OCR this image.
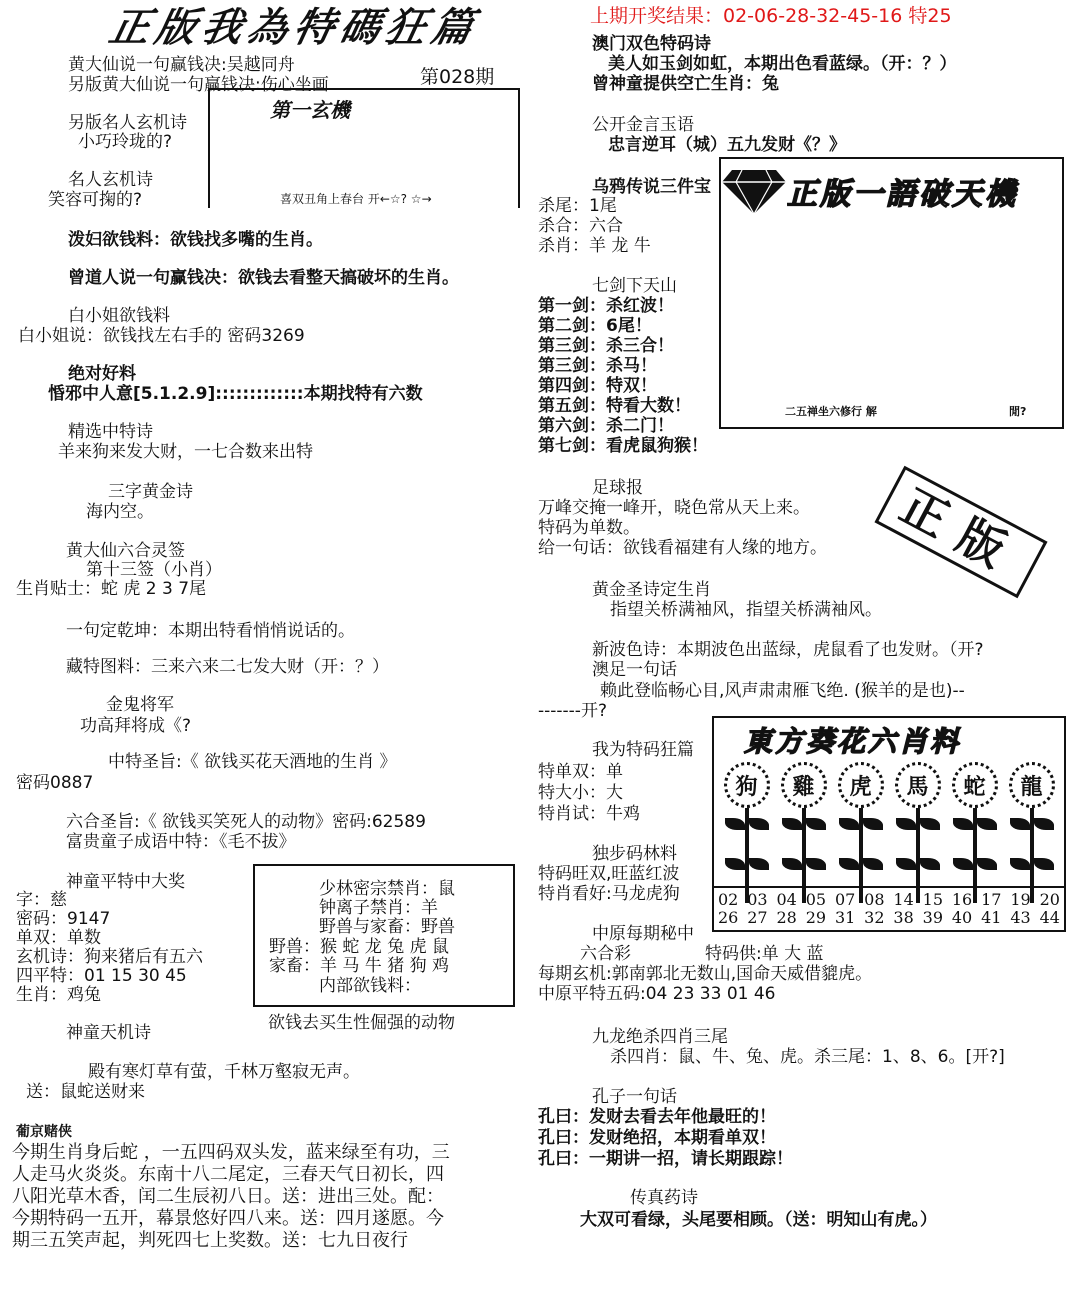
正版我為特碼狂篇	上期开奖结果：02-06-28-32-45-16 特25
黄大仙说一句赢钱决:吴越同舟
另版黄大仙说一句赢钱决:伤心坐画	第028期
另版名人玄机诗
小巧玲珑的?
名人玄机诗
笑容可掬的?
第一玄機
喜双丑角上春台 开←☆? ☆→
泼妇欲钱料：欲钱找多嘴的生肖。
曾道人说一句赢钱决：欲钱去看整天搞破坏的生肖。
白小姐欲钱料
白小姐说：欲钱找左右手的 密码3269
绝对好料
惛邪中人意[5.1.2.9]:::::::::::::本期找特有六数
精选中特诗
羊来狗来发大财，一七合数来出特
三字黄金诗
海内空。
黄大仙六合灵签
第十三签（小肖）
生肖贴士：蛇 虎 2 3 7尾
一句定乾坤：本期出特看悄悄说话的。
藏特图料：三来六来二七发大财（开：？）
金鬼将军
功高拜将成《?
中特圣旨:《 欲钱买花天酒地的生肖 》
密码0887
六合圣旨:《 欲钱买笑死人的动物》密码:62589
富贵童子成语中特：《毛不拔》
神童平特中大奖
字：慈
密码：9147
单双：单数
玄机诗：狗来猪后有五六
四平特：01 15 30 45
生肖：鸡兔
少林密宗禁肖：鼠
钟离子禁肖：羊
野兽与家畜：野兽
野兽：猴 蛇 龙 兔 虎 鼠
家畜：羊 马 牛 猪 狗 鸡
内部欲钱料：
欲钱去买生性倔强的动物
神童天机诗
殿有寒灯草有萤，千林万壑寂无声。
送：鼠蛇送财来
葡京赌侠
今期生肖身后蛇 ，一五四码双头发，蓝来绿至有功，三
人走马火炎炎。东南十八二尾定，三春天气日初长，四
八阳光草木香，闰二生辰初八日。送：进出三处。配：
今期特码一五开，幕景悠好四八来。送：四月遂愿。今
期三五笑声起，判死四七上奖数。送：七九日夜行
澳门双色特码诗
美人如玉剑如虹，本期出色看蓝绿。（开：？）
曾神童提供空亡生肖：兔
公开金言玉语
忠言逆耳（城）五九发财《？》
乌鸦传说三件宝
杀尾：1尾
杀合：六合
杀肖：羊 龙 牛
七剑下天山
第一剑：杀红波！
第二剑：6尾！
第三剑：杀三合！
第三剑：杀马！
第四剑：特双！
第五剑：特看大数！
第六剑：杀二门！
第七剑：看虎鼠狗猴！
正版一語破天機
二五禅坐六修行 解	閒?
正版
足球报
万峰交掩一峰开，晓色常从天上来。
特码为单数。
给一句话：欲钱看福建有人缘的地方。
黄金圣诗定生肖
指望关桥满袖风，指望关桥满袖风。
新波色诗：本期波色出蓝绿，虎鼠看了也发财。（开?
澳足一句话
赖此登临畅心目,风声肃肃雁飞绝. (猴羊的是也)--
-------开?
我为特码狂篇
特单双：单
特大小：大
特肖试：牛鸡
独步码林料
特码旺双,旺蓝红波
特肖看好:马龙虎狗
東方葵花六肖料
狗	雞	虎	馬	蛇	龍
02 03 04 05 07 08 14 15 16 17 19 20
26 27 28 29 31 32 38 39 40 41 43 44
中原每期秘中
六合彩	特码供:单 大 蓝
每期玄机:郭南郭北无数山,国命天威借貔虎。
中原平特五码:04 23 33 01 46
九龙绝杀四肖三尾
杀四肖：鼠、牛、兔、虎。杀三尾：1、8、6。[开?]
孔子一句话
孔曰：发财去看去年他最旺的！
孔曰：发财绝招，本期看单双！
孔曰：一期讲一招，请长期跟踪！
传真药诗
大双可看绿，头尾要相顾。（送：明知山有虎。）
